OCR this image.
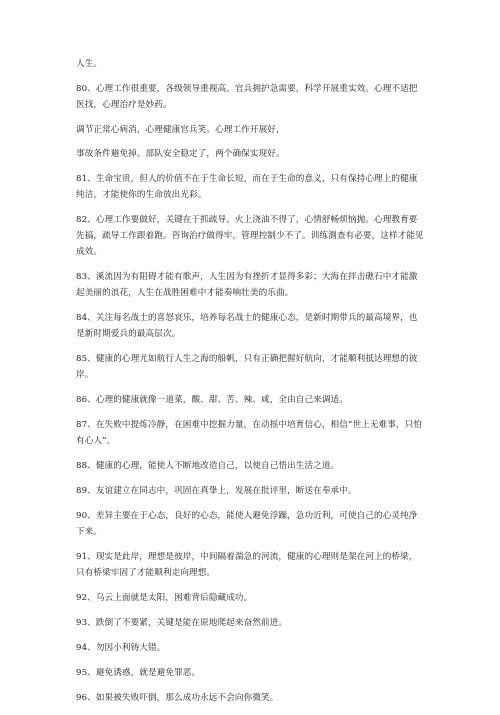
人生。

80、心理工作很重要，各级领导重视高。官兵拥护急需要，科学开展重实效。心理不适把医找，心理治疗是妙药。

调节正常心病消，心理健康官兵笑。心理工作开展好，

事故条件避免掉。部队安全稳定了，两个确保实现好。

81、生命宝贵，但人的价值不在于生命长短，而在于生命的意义，只有保持心理上的健康纯洁，才能使你的生命放出光彩。

82、心理工作要做好，关键在于抓疏导。火上浇油不得了，心情舒畅烦恼抛。心理教育要先搞，疏导工作跟着跑。咨询治疗做得牢，管理控制少不了。训练測查有必要，这样才能见成效。

83、溪流因为有阻碍才能有歌声，人生因为有挫折才显得多彩；大海在拌击礁石中才能激起美丽的浪花，人生在战胜困难中才能奏响壮美的乐曲。

84、关注每名战士的喜怒哀乐，培养每名战士的健康心态，是新时期带兵的最高境界，也是新时期爱兵的最高层次。

85、健康的心理尤如航行人生之海的船帆，只有正确把握好航向，才能顺利抵达理想的彼岸。

86、心理的健康就像一道菜，酸、甜、苦、辣、咸，全由自己来调适。

87、在失败中提炼冷静，在困难中挖掘力量，在动摇中培育信心，相信“世上无难事，只怕有心人”。

88、健康的心理，能使人不断地改造自己，以使自己悟出生活之道。

89、友谊建立在同志中，巩固在真挚上，发展在批评里，断送在奉承中。

90、差异主要在于心态，良好的心态，能使人避免浮躁，急功近利，可使自己的心灵纯净下来。

91、现实是此岸，理想是彼岸，中间隔着湍急的河流，健康的心理则是架在河上的桥梁，只有桥梁牢固了才能顺利走向理想。

92、乌云上面就是太阳，困难背后隐藏成功。

93、跌倒了不要紧，关键是能在原地爬起来奋然前进。

94、勿因小利铸大错。

95、避免诱惑，就是避免罪恶。

96、如果被失败吓倒，那么成功永远不会向你微笑。
